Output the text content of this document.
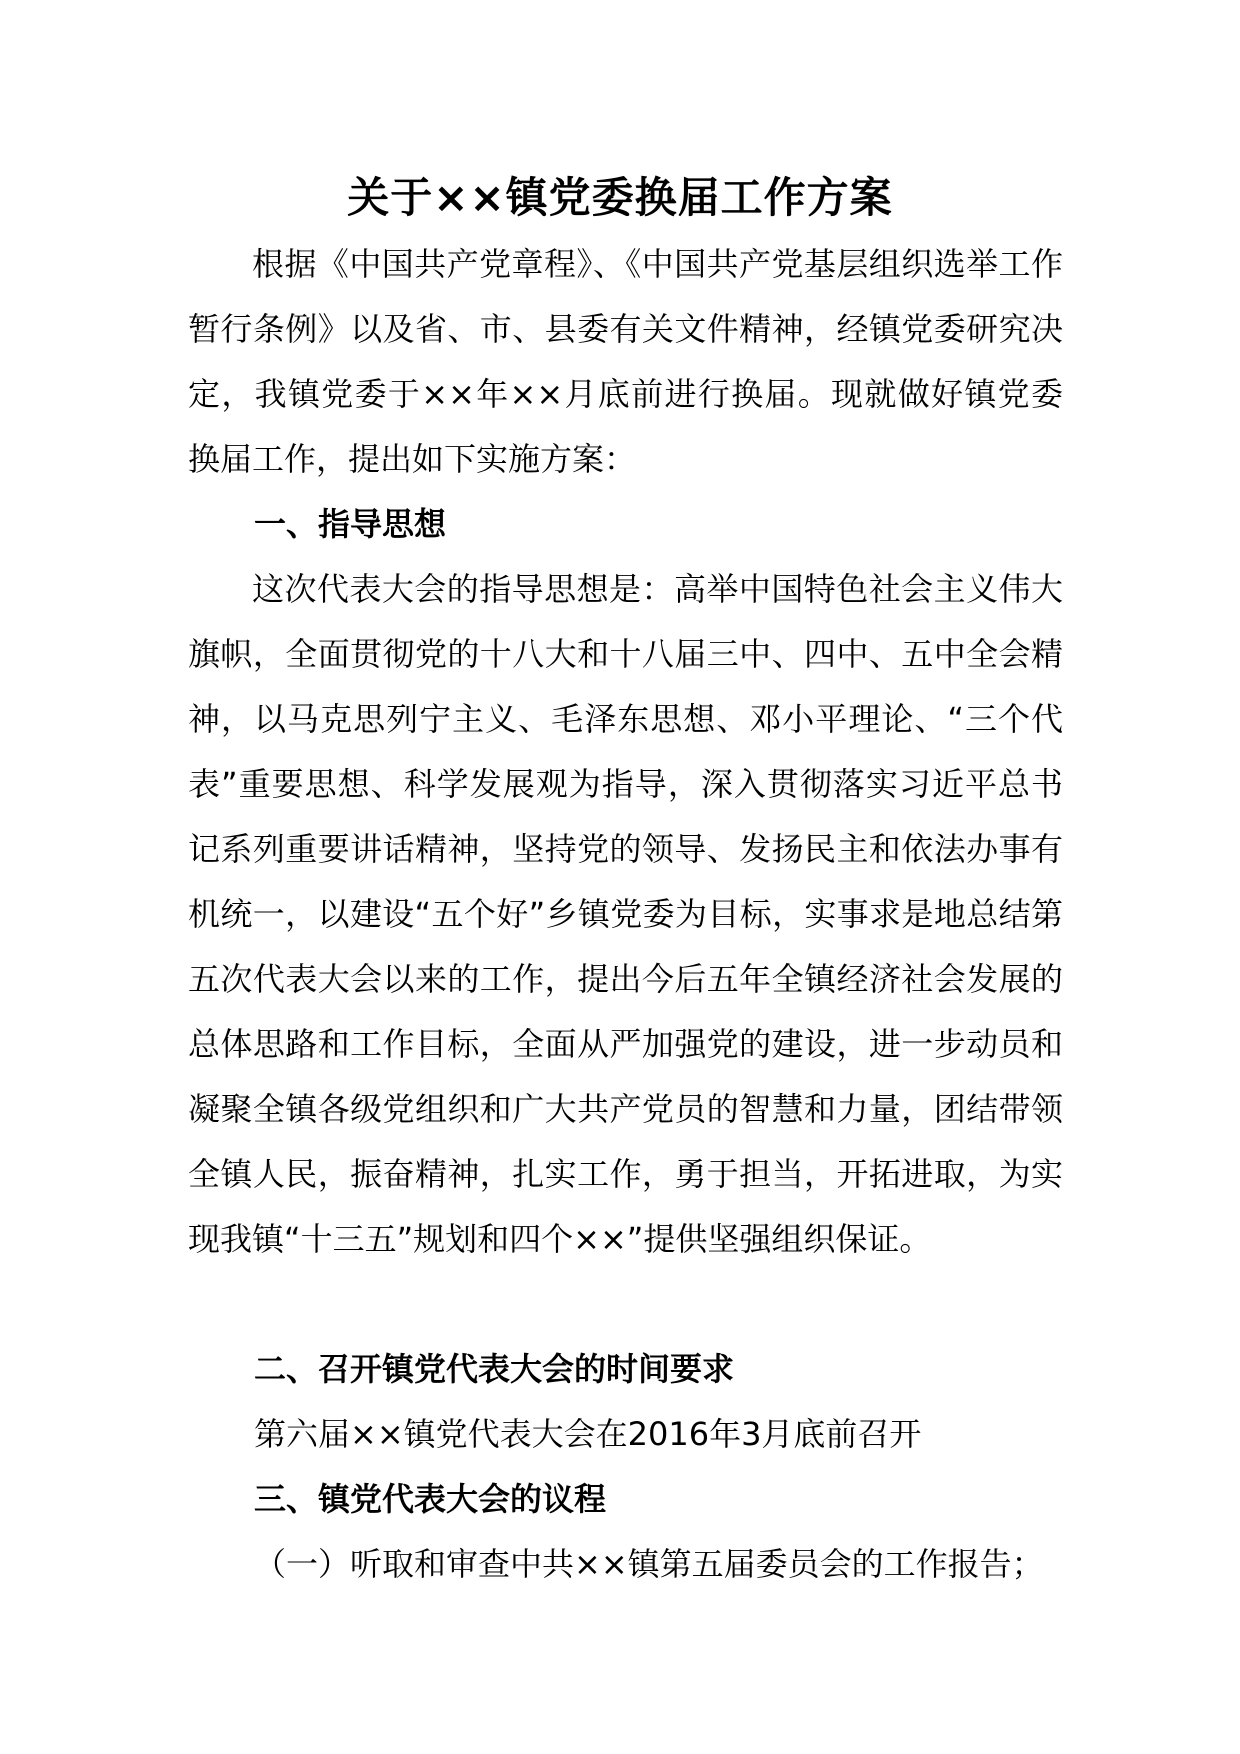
关于××镇党委换届工作方案

根据《中国共产党章程》、《中国共产党基层组织选举工作暂行条例》以及省、市、县委有关文件精神，经镇党委研究决定，我镇党委于××年××月底前进行换届。现就做好镇党委换届工作，提出如下实施方案：

一、指导思想

这次代表大会的指导思想是：高举中国特色社会主义伟大旗帜，全面贯彻党的十八大和十八届三中、四中、五中全会精神，以马克思列宁主义、毛泽东思想、邓小平理论、“三个代表”重要思想、科学发展观为指导，深入贯彻落实习近平总书记系列重要讲话精神，坚持党的领导、发扬民主和依法办事有机统一，以建设“五个好”乡镇党委为目标，实事求是地总结第五次代表大会以来的工作，提出今后五年全镇经济社会发展的总体思路和工作目标，全面从严加强党的建设，进一步动员和凝聚全镇各级党组织和广大共产党员的智慧和力量，团结带领全镇人民，振奋精神，扎实工作，勇于担当，开拓进取，为实现我镇“十三五”规划和四个××”提供坚强组织保证。

二、召开镇党代表大会的时间要求

第六届××镇党代表大会在2016年3月底前召开

三、镇党代表大会的议程

（一）听取和审查中共××镇第五届委员会的工作报告；
